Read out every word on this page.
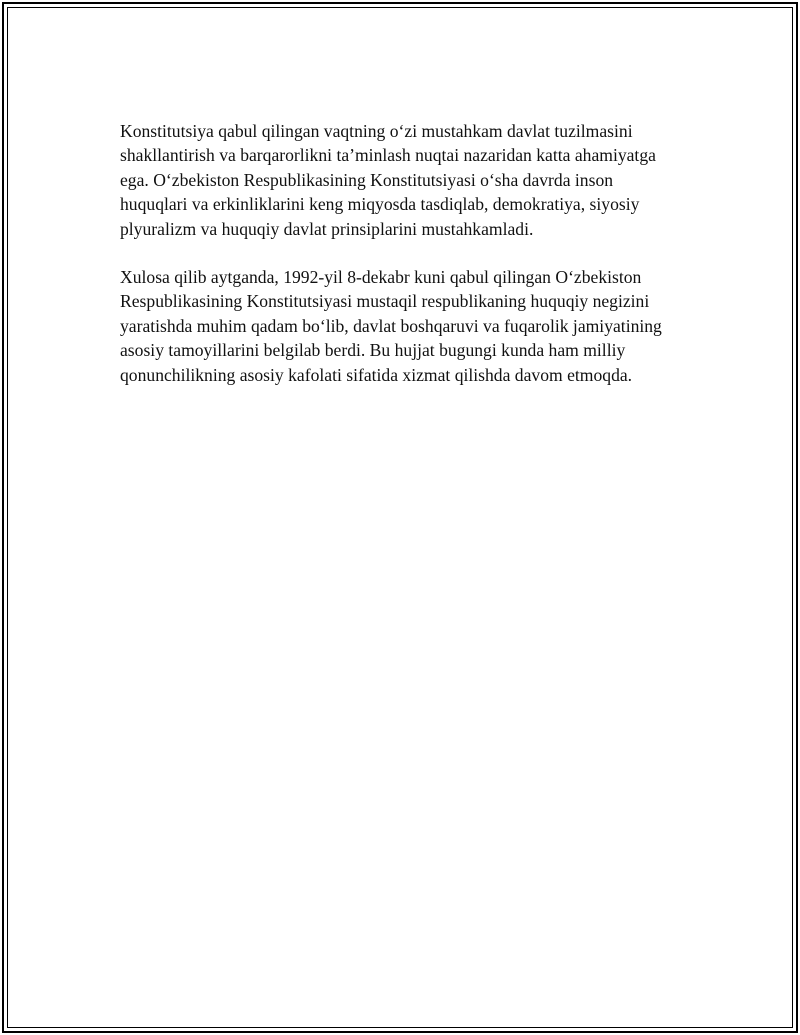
Konstitutsiya qabul qilingan vaqtning o‘zi mustahkam davlat tuzilmasini
shakllantirish va barqarorlikni ta’minlash nuqtai nazaridan katta ahamiyatga
ega. O‘zbekiston Respublikasining Konstitutsiyasi o‘sha davrda inson
huquqlari va erkinliklarini keng miqyosda tasdiqlab, demokratiya, siyosiy
plyuralizm va huquqiy davlat prinsiplarini mustahkamladi.

Xulosa qilib aytganda, 1992-yil 8-dekabr kuni qabul qilingan O‘zbekiston
Respublikasining Konstitutsiyasi mustaqil respublikaning huquqiy negizini
yaratishda muhim qadam bo‘lib, davlat boshqaruvi va fuqarolik jamiyatining
asosiy tamoyillarini belgilab berdi. Bu hujjat bugungi kunda ham milliy
qonunchilikning asosiy kafolati sifatida xizmat qilishda davom etmoqda.
